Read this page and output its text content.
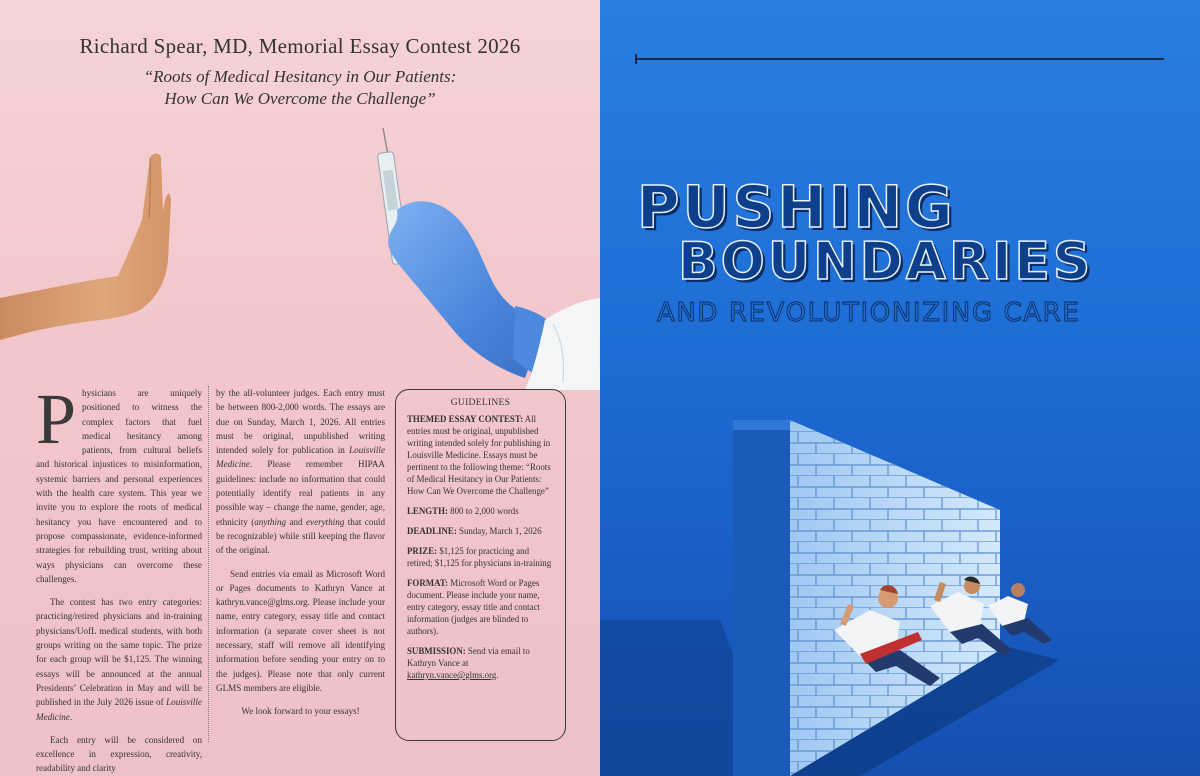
Richard Spear, MD, Memorial Essay Contest 2026
“Roots of Medical Hesitancy in Our Patients:
How Can We Overcome the Challenge”

Physicians are uniquely positioned to witness the complex factors that fuel medical hesitancy among patients, from cultural beliefs and historical injustices to misinformation, systemic barriers and personal experiences with the health care system. This year we invite you to explore the roots of medical hesitancy you have encountered and to propose compassionate, evidence-informed strategies for rebuilding trust, writing about ways physicians can overcome these challenges.

The contest has two entry categories: practicing/retired physicians and in-training physicians/UofL medical students, with both groups writing on the same topic. The prize for each group will be $1,125. The winning essays will be announced at the annual Presidents’ Celebration in May and will be published in the July 2026 issue of Louisville Medicine.

Each entry will be considered on excellence in expression, creativity, readability and clarity

by the all-volunteer judges. Each entry must be between 800-2,000 words. The essays are due on Sunday, March 1, 2026. All entries must be original, unpublished writing intended solely for publication in Louisville Medicine. Please remember HIPAA guidelines: include no information that could potentially identify real patients in any possible way – change the name, gender, age, ethnicity (anything and everything that could be recognizable) while still keeping the flavor of the original.

Send entries via email as Microsoft Word or Pages documents to Kathryn Vance at kathryn.vance@glms.org. Please include your name, entry category, essay title and contact information (a separate cover sheet is not necessary, staff will remove all identifying information before sending your entry on to the judges). Please note that only current GLMS members are eligible.

We look forward to your essays!

GUIDELINES
THEMED ESSAY CONTEST: All entries must be original, unpublished writing intended solely for publishing in Louisville Medicine. Essays must be pertinent to the following theme: “Roots of Medical Hesitancy in Our Patients: How Can We Overcome the Challenge”
LENGTH: 800 to 2,000 words
DEADLINE: Sunday, March 1, 2026
PRIZE: $1,125 for practicing and retired; $1,125 for physicians in-training
FORMAT: Microsoft Word or Pages document. Please include your name, entry category, essay title and contact information (judges are blinded to authors).
SUBMISSION: Send via email to Kathryn Vance at
kathryn.vance@glms.org.
PUSHING
BOUNDARIES
AND REVOLUTIONIZING CARE
